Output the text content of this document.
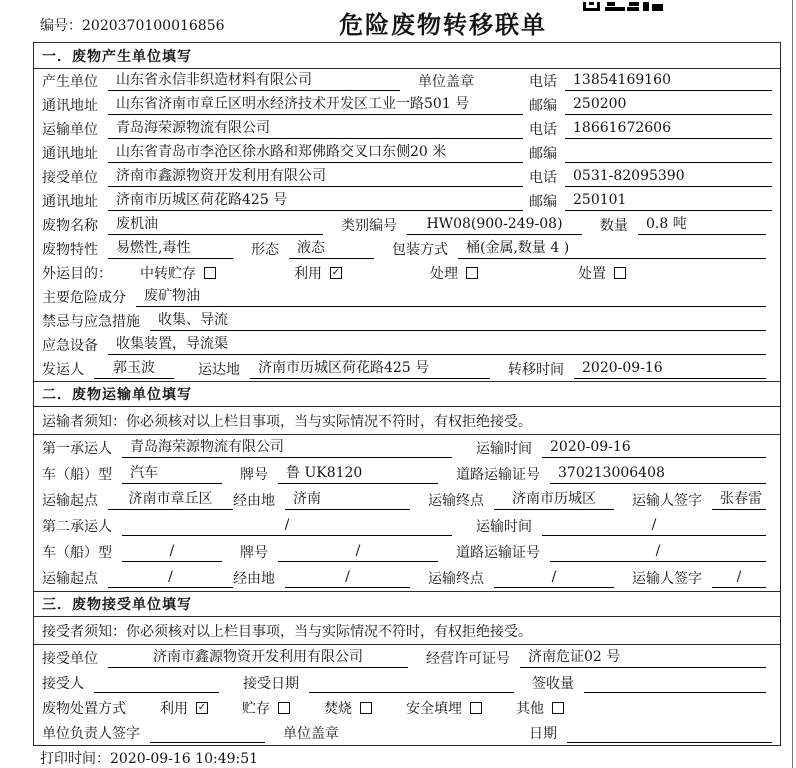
编号：2020370100016856	危险废物转移联单
一．废物产生单位填写
产生单位	山东省永信非织造材料有限公司	单位盖章	电话	13854169160
通讯地址	山东省济南市章丘区明水经济技术开发区工业一路501 号	邮编	250200
运输单位	青岛海荣源物流有限公司	电话	18661672606
通讯地址	山东省青岛市李沧区徐水路和郑佛路交叉口东侧20 米	邮编
接受单位	济南市鑫源物资开发利用有限公司	电话	0531-82095390
通讯地址	济南市历城区荷花路425 号	邮编	250101
废物名称	废机油	类别编号	HW08(900-249-08)	数量	0.8 吨
废物特性	易燃性,毒性	形态	液态	包装方式	桶(金属,数量 4 )
外运目的： 中转贮存	利用 ✓	处理	处置
主要危险成分	废矿物油
禁忌与应急措施	收集、导流
应急设备	收集装置，导流渠
发运人	郭玉波	运达地	济南市历城区荷花路425 号	转移时间	2020-09-16
二．废物运输单位填写
运输者须知： 你必须核对以上栏目事项，当与实际情况不符时，有权拒绝接受。
第一承运人	青岛海荣源物流有限公司	运输时间	2020-09-16
车（船）型	汽车	牌号	鲁 UK8120	道路运输证号	370213006408
运输起点	济南市章丘区	经由地	济南	运输终点	济南市历城区	运输人签字	张春雷
第二承运人	/	运输时间	/
车（船）型	/	牌号	/	道路运输证号	/
运输起点	/	经由地	/	运输终点	/	运输人签字	/
三．废物接受单位填写
接受者须知： 你必须核对以上栏目事项，当与实际情况不符时，有权拒绝接受。
接受单位	济南市鑫源物资开发利用有限公司	经营许可证号	济南危证02 号
接受人	接受日期	签收量
废物处置方式 利用 ✓	贮存	焚烧	安全填埋	其他
单位负责人签字	单位盖章	日期
打印时间：2020-09-16 10:49:51
